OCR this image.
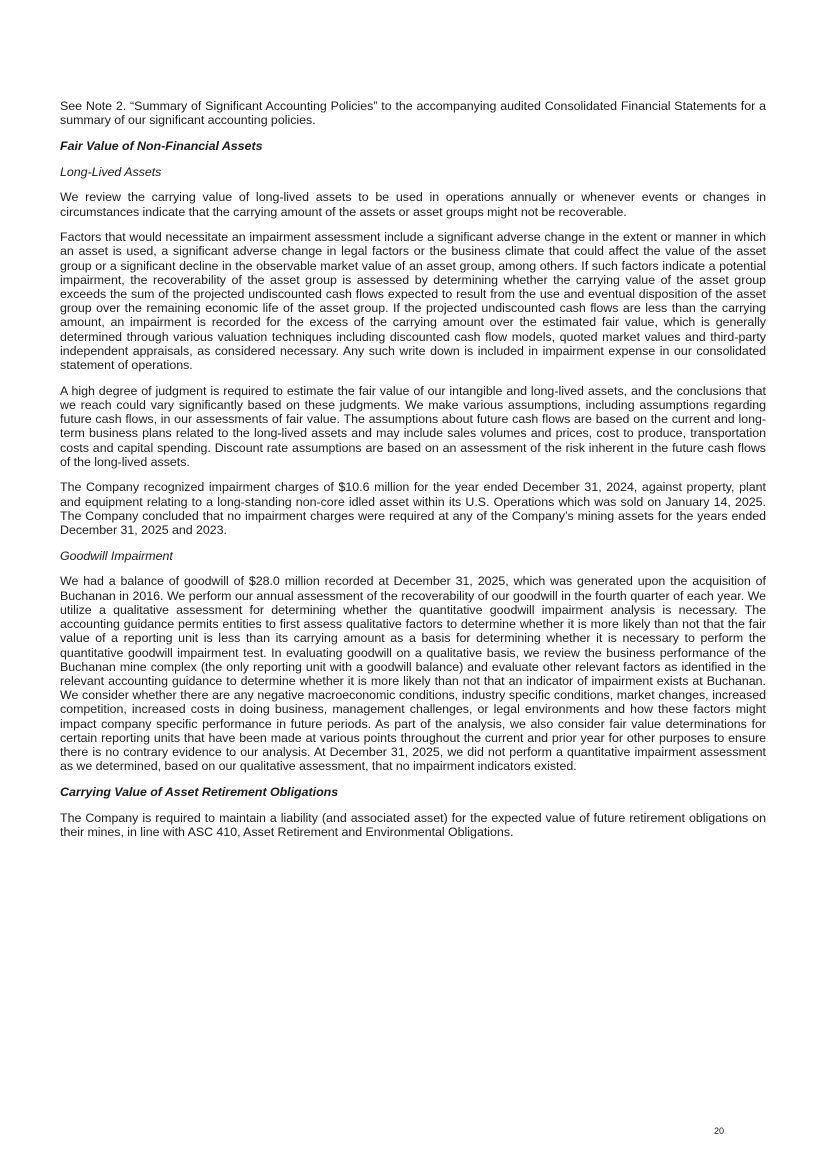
See Note 2. “Summary of Significant Accounting Policies” to the accompanying audited Consolidated Financial Statements for a summary of our significant accounting policies.

Fair Value of Non-Financial Assets

Long-Lived Assets

We review the carrying value of long-lived assets to be used in operations annually or whenever events or changes in circumstances indicate that the carrying amount of the assets or asset groups might not be recoverable.

Factors that would necessitate an impairment assessment include a significant adverse change in the extent or manner in which an asset is used, a significant adverse change in legal factors or the business climate that could affect the value of the asset group or a significant decline in the observable market value of an asset group, among others. If such factors indicate a potential impairment, the recoverability of the asset group is assessed by determining whether the carrying value of the asset group exceeds the sum of the projected undiscounted cash flows expected to result from the use and eventual disposition of the asset group over the remaining economic life of the asset group. If the projected undiscounted cash flows are less than the carrying amount, an impairment is recorded for the excess of the carrying amount over the estimated fair value, which is generally determined through various valuation techniques including discounted cash flow models, quoted market values and third-party independent appraisals, as considered necessary. Any such write down is included in impairment expense in our consolidated statement of operations.

A high degree of judgment is required to estimate the fair value of our intangible and long-lived assets, and the conclusions that we reach could vary significantly based on these judgments. We make various assumptions, including assumptions regarding future cash flows, in our assessments of fair value. The assumptions about future cash flows are based on the current and long-term business plans related to the long-lived assets and may include sales volumes and prices, cost to produce, transportation costs and capital spending. Discount rate assumptions are based on an assessment of the risk inherent in the future cash flows of the long-lived assets.

The Company recognized impairment charges of $10.6 million for the year ended December 31, 2024, against property, plant and equipment relating to a long-standing non-core idled asset within its U.S. Operations which was sold on January 14, 2025. The Company concluded that no impairment charges were required at any of the Company’s mining assets for the years ended December 31, 2025 and 2023.

Goodwill Impairment

We had a balance of goodwill of $28.0 million recorded at December 31, 2025, which was generated upon the acquisition of Buchanan in 2016. We perform our annual assessment of the recoverability of our goodwill in the fourth quarter of each year. We utilize a qualitative assessment for determining whether the quantitative goodwill impairment analysis is necessary. The accounting guidance permits entities to first assess qualitative factors to determine whether it is more likely than not that the fair value of a reporting unit is less than its carrying amount as a basis for determining whether it is necessary to perform the quantitative goodwill impairment test. In evaluating goodwill on a qualitative basis, we review the business performance of the Buchanan mine complex (the only reporting unit with a goodwill balance) and evaluate other relevant factors as identified in the relevant accounting guidance to determine whether it is more likely than not that an indicator of impairment exists at Buchanan. We consider whether there are any negative macroeconomic conditions, industry specific conditions, market changes, increased competition, increased costs in doing business, management challenges, or legal environments and how these factors might impact company specific performance in future periods. As part of the analysis, we also consider fair value determinations for certain reporting units that have been made at various points throughout the current and prior year for other purposes to ensure there is no contrary evidence to our analysis. At December 31, 2025, we did not perform a quantitative impairment assessment as we determined, based on our qualitative assessment, that no impairment indicators existed.

Carrying Value of Asset Retirement Obligations

The Company is required to maintain a liability (and associated asset) for the expected value of future retirement obligations on their mines, in line with ASC 410, Asset Retirement and Environmental Obligations.

20
